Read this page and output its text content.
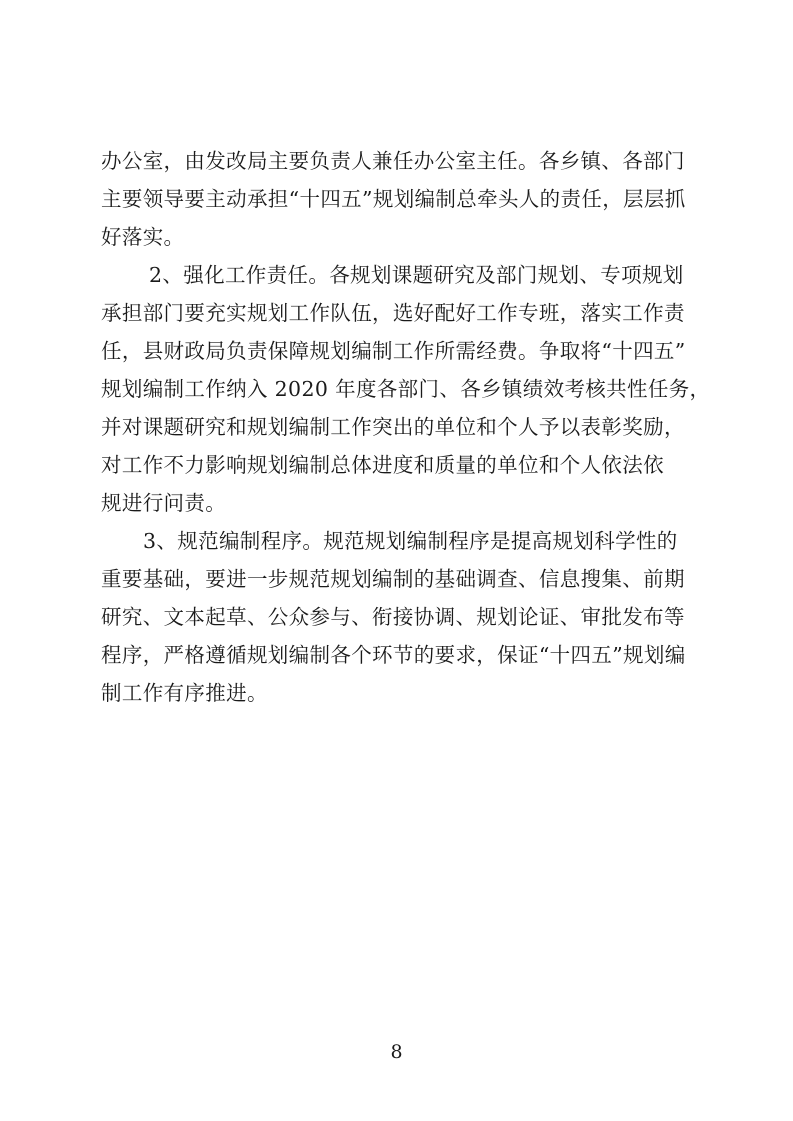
办公室，由发改局主要负责人兼任办公室主任。各乡镇、各部门
主要领导要主动承担“十四五”规划编制总牵头人的责任，层层抓
好落实。
2、强化工作责任。各规划课题研究及部门规划、专项规划
承担部门要充实规划工作队伍，选好配好工作专班，落实工作责
任，县财政局负责保障规划编制工作所需经费。争取将“十四五”
规划编制工作纳入 2020 年度各部门、各乡镇绩效考核共性任务，
并对课题研究和规划编制工作突出的单位和个人予以表彰奖励，
对工作不力影响规划编制总体进度和质量的单位和个人依法依
规进行问责。
3、规范编制程序。规范规划编制程序是提高规划科学性的
重要基础，要进一步规范规划编制的基础调查、信息搜集、前期
研究、文本起草、公众参与、衔接协调、规划论证、审批发布等
程序，严格遵循规划编制各个环节的要求，保证“十四五”规划编
制工作有序推进。
8
